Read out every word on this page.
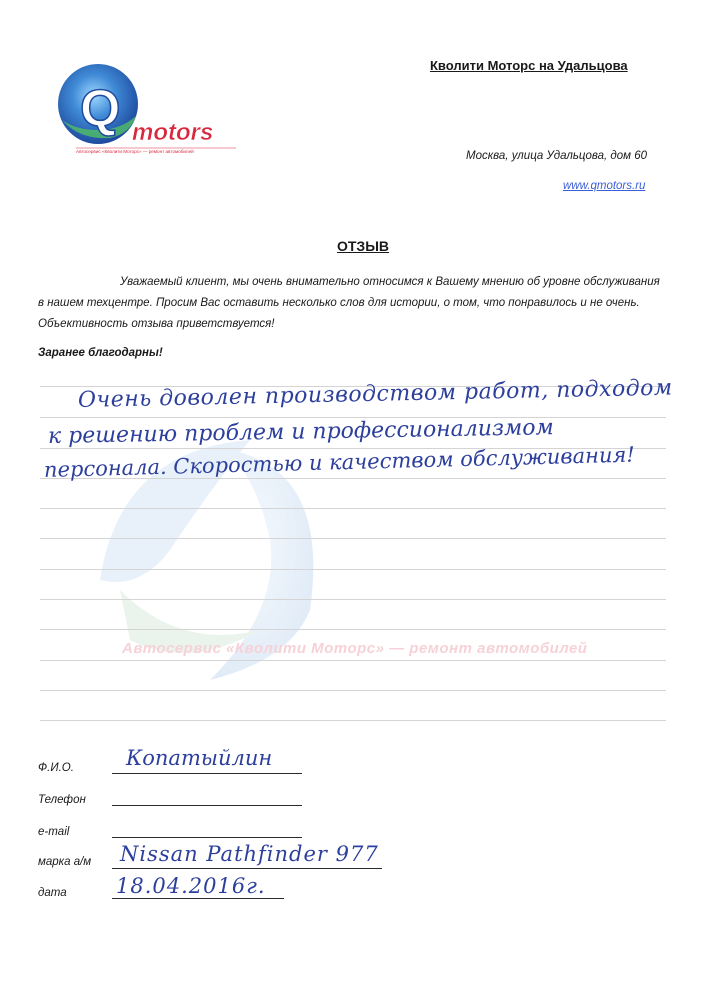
Q motors
Автосервис «Кволити Моторс» — ремонт автомобилей
Кволити Моторс на Удальцова
Москва, улица Удальцова, дом 60
www.qmotors.ru
ОТЗЫВ

Уважаемый клиент, мы очень внимательно относимся к Вашему мнению об уровне обслуживания в нашем техцентре. Просим Вас оставить несколько слов для истории, о том, что понравилось и не очень. Объективность отзыва приветствуется!

Заранее благодарны!
Автосервис «Кволити Моторс» — ремонт автомобилей
Очень доволен производством работ, подходом
к решению проблем и профессионализмом
персонала. Скоростью и качеством обслуживания!
Ф.И.О. Копатыйлин
Телефон
e-mail
марка а/м Nissan Pathfinder 977
дата 18.04.2016г.
